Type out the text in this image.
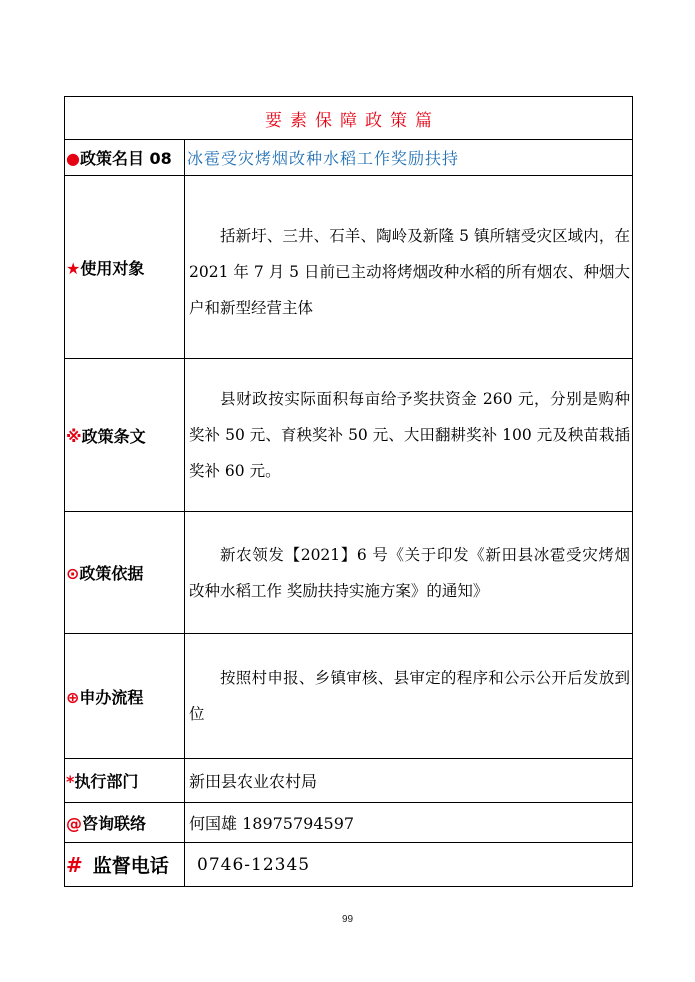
要素保障政策篇	
●政策名目 08	冰雹受灾烤烟改种水稻工作奖励扶持
★使用对象	括新圩、三井、石羊、陶岭及新隆 5 镇所辖受灾区域内，在 2021 年 7 月 5 日前已主动将烤烟改种水稻的所有烟农、种烟大户和新型经营主体

※政策条文	县财政按实际面积每亩给予奖扶资金 260 元，分别是购种奖补 50 元、育秧奖补 50 元、大田翻耕奖补 100 元及秧苗栽插奖补 60 元。

⊙政策依据	新农领发【2021】6 号《关于印发《新田县冰雹受灾烤烟改种水稻工作 奖励扶持实施方案》的通知》

⊕申办流程	按照村申报、乡镇审核、县审定的程序和公示公开后发放到位

*执行部门	新田县农业农村局
@咨询联络	何国雄 18975794597
# 监督电话	0746-12345
99
